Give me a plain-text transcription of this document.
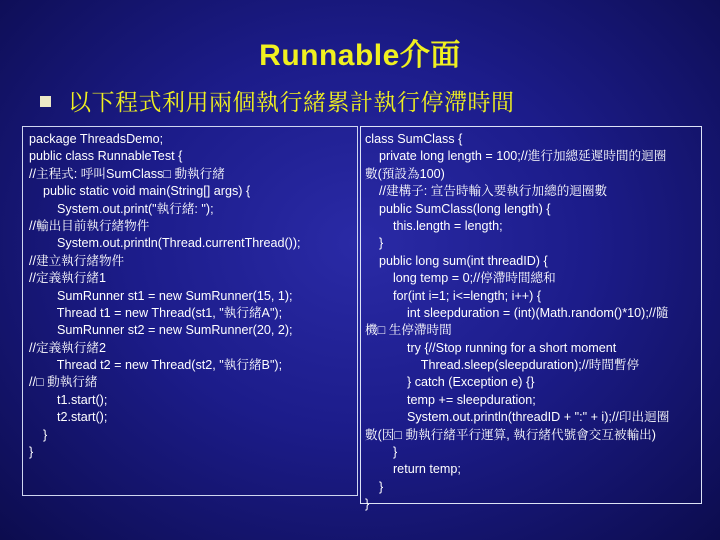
Runnable介面
以下程式利用兩個執行緒累計執行停滯時間
package ThreadsDemo;
public class RunnableTest {
//主程式: 呼叫SumClass□ 動執行緒
public static void main(String[] args) {
System.out.print("執行緒: ");
//輸出目前執行緒物件
System.out.println(Thread.currentThread());
//建立執行緒物件
//定義執行緒1
SumRunner st1 = new SumRunner(15, 1);
Thread t1 = new Thread(st1, "執行緒A");
SumRunner st2 = new SumRunner(20, 2);
//定義執行緒2
Thread t2 = new Thread(st2, "執行緒B");
//□ 動執行緒
t1.start();
t2.start();
}
}
class SumClass {
private long length = 100;//進行加總延遲時間的迴圈
數(預設為100)
//建構子: 宣告時輸入要執行加總的迴圈數
public SumClass(long length) {
this.length = length;
}
public long sum(int threadID) {
long temp = 0;//停滯時間總和
for(int i=1; i<=length; i++) {
int sleepduration = (int)(Math.random()*10);//隨
機□ 生停滯時間
try {//Stop running for a short moment
Thread.sleep(sleepduration);//時間暫停
} catch (Exception e) {}
temp += sleepduration;
System.out.println(threadID + ":" + i);//印出迴圈
數(因□ 動執行緒平行運算, 執行緒代號會交互被輸出)
}
return temp;
}
}
